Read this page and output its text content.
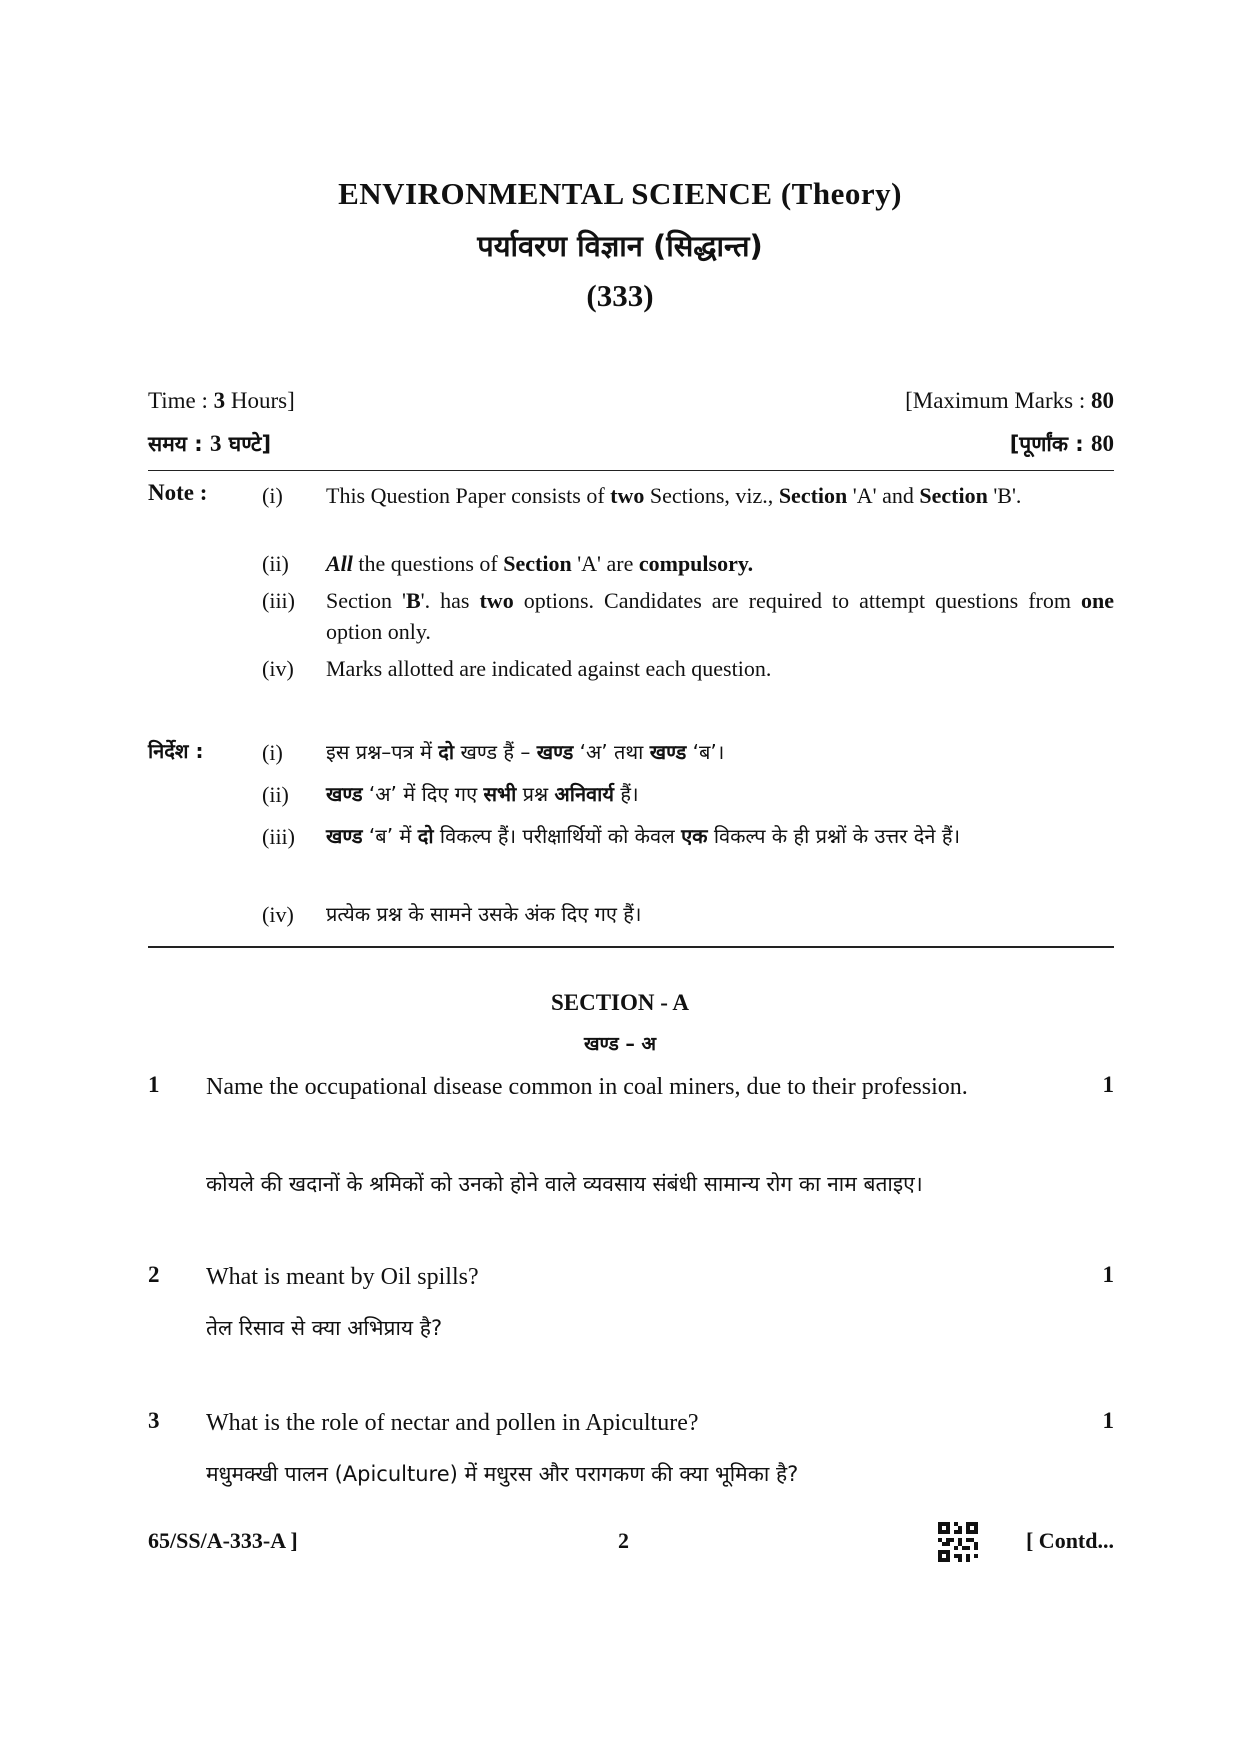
ENVIRONMENTAL SCIENCE (Theory)
पर्यावरण विज्ञान (सिद्धान्त)
(333)
Time : 3 Hours]	[Maximum Marks : 80
समय : 3 घण्टे]	[पूर्णांक : 80
Note : (i)	This Question Paper consists of two Sections, viz., Section 'A' and Section 'B'.
(ii)	All the questions of Section 'A' are compulsory.
(iii)	Section 'B'. has two options. Candidates are required to attempt questions from one option only.
(iv)	Marks allotted are indicated against each question.
निर्देश :	(i)	इस प्रश्न–पत्र में दो खण्ड हैं – खण्ड ‘अ’ तथा खण्ड ‘ब’।
(ii)	खण्ड ‘अ’ में दिए गए सभी प्रश्न अनिवार्य हैं।
(iii)	खण्ड ‘ब’ में दो विकल्प हैं। परीक्षार्थियों को केवल एक विकल्प के ही प्रश्नों के उत्तर देने हैं।
(iv)	प्रत्येक प्रश्न के सामने उसके अंक दिए गए हैं।
SECTION - A
खण्ड – अ
1 Name the occupational disease common in coal miners, due to their profession.	1
कोयले की खदानों के श्रमिकों को उनको होने वाले व्यवसाय संबंधी सामान्य रोग का नाम बताइए।
2 What is meant by Oil spills?	1
तेल रिसाव से क्या अभिप्राय है?
3 What is the role of nectar and pollen in Apiculture?	1
मधुमक्खी पालन (Apiculture) में मधुरस और परागकण की क्या भूमिका है?
65/SS/A-333-A ]	2	[ Contd...
